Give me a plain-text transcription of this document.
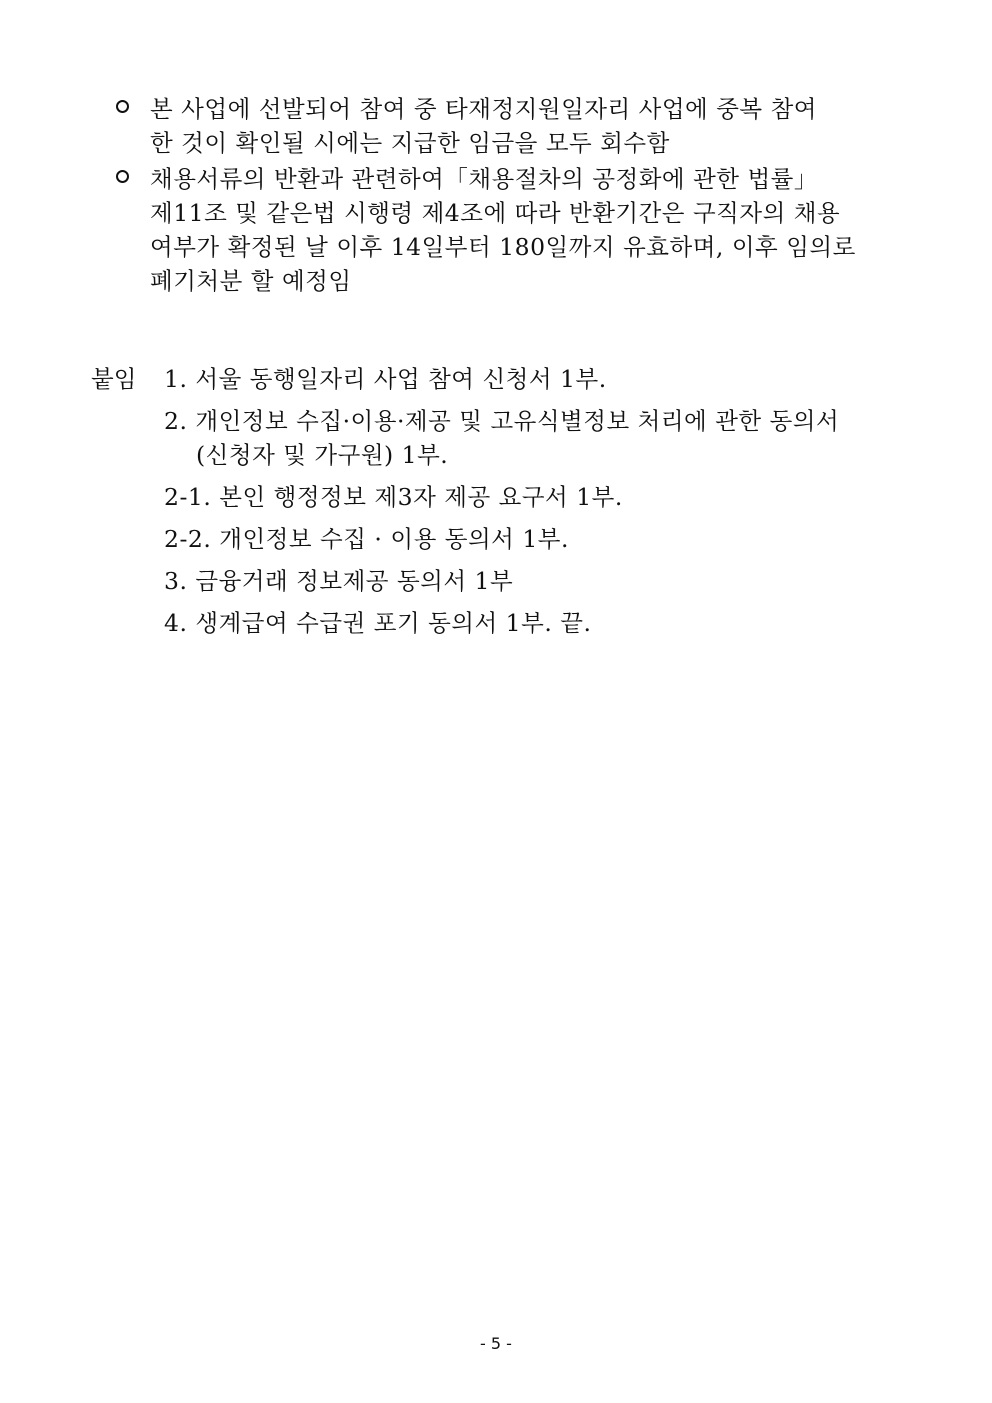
본 사업에 선발되어 참여 중 타재정지원일자리 사업에 중복 참여
한 것이 확인될 시에는 지급한 임금을 모두 회수함
채용서류의 반환과 관련하여「채용절차의 공정화에 관한 법률」
제11조 및 같은법 시행령 제4조에 따라 반환기간은 구직자의 채용
여부가 확정된 날 이후 14일부터 180일까지 유효하며, 이후 임의로
폐기처분 할 예정임
붙임 1. 서울 동행일자리 사업 참여 신청서 1부.
2. 개인정보 수집·이용·제공 및 고유식별정보 처리에 관한 동의서
(신청자 및 가구원) 1부.
2-1. 본인 행정정보 제3자 제공 요구서 1부.
2-2. 개인정보 수집 · 이용 동의서 1부.
3. 금융거래 정보제공 동의서 1부
4. 생계급여 수급권 포기 동의서 1부. 끝.
- 5 -
